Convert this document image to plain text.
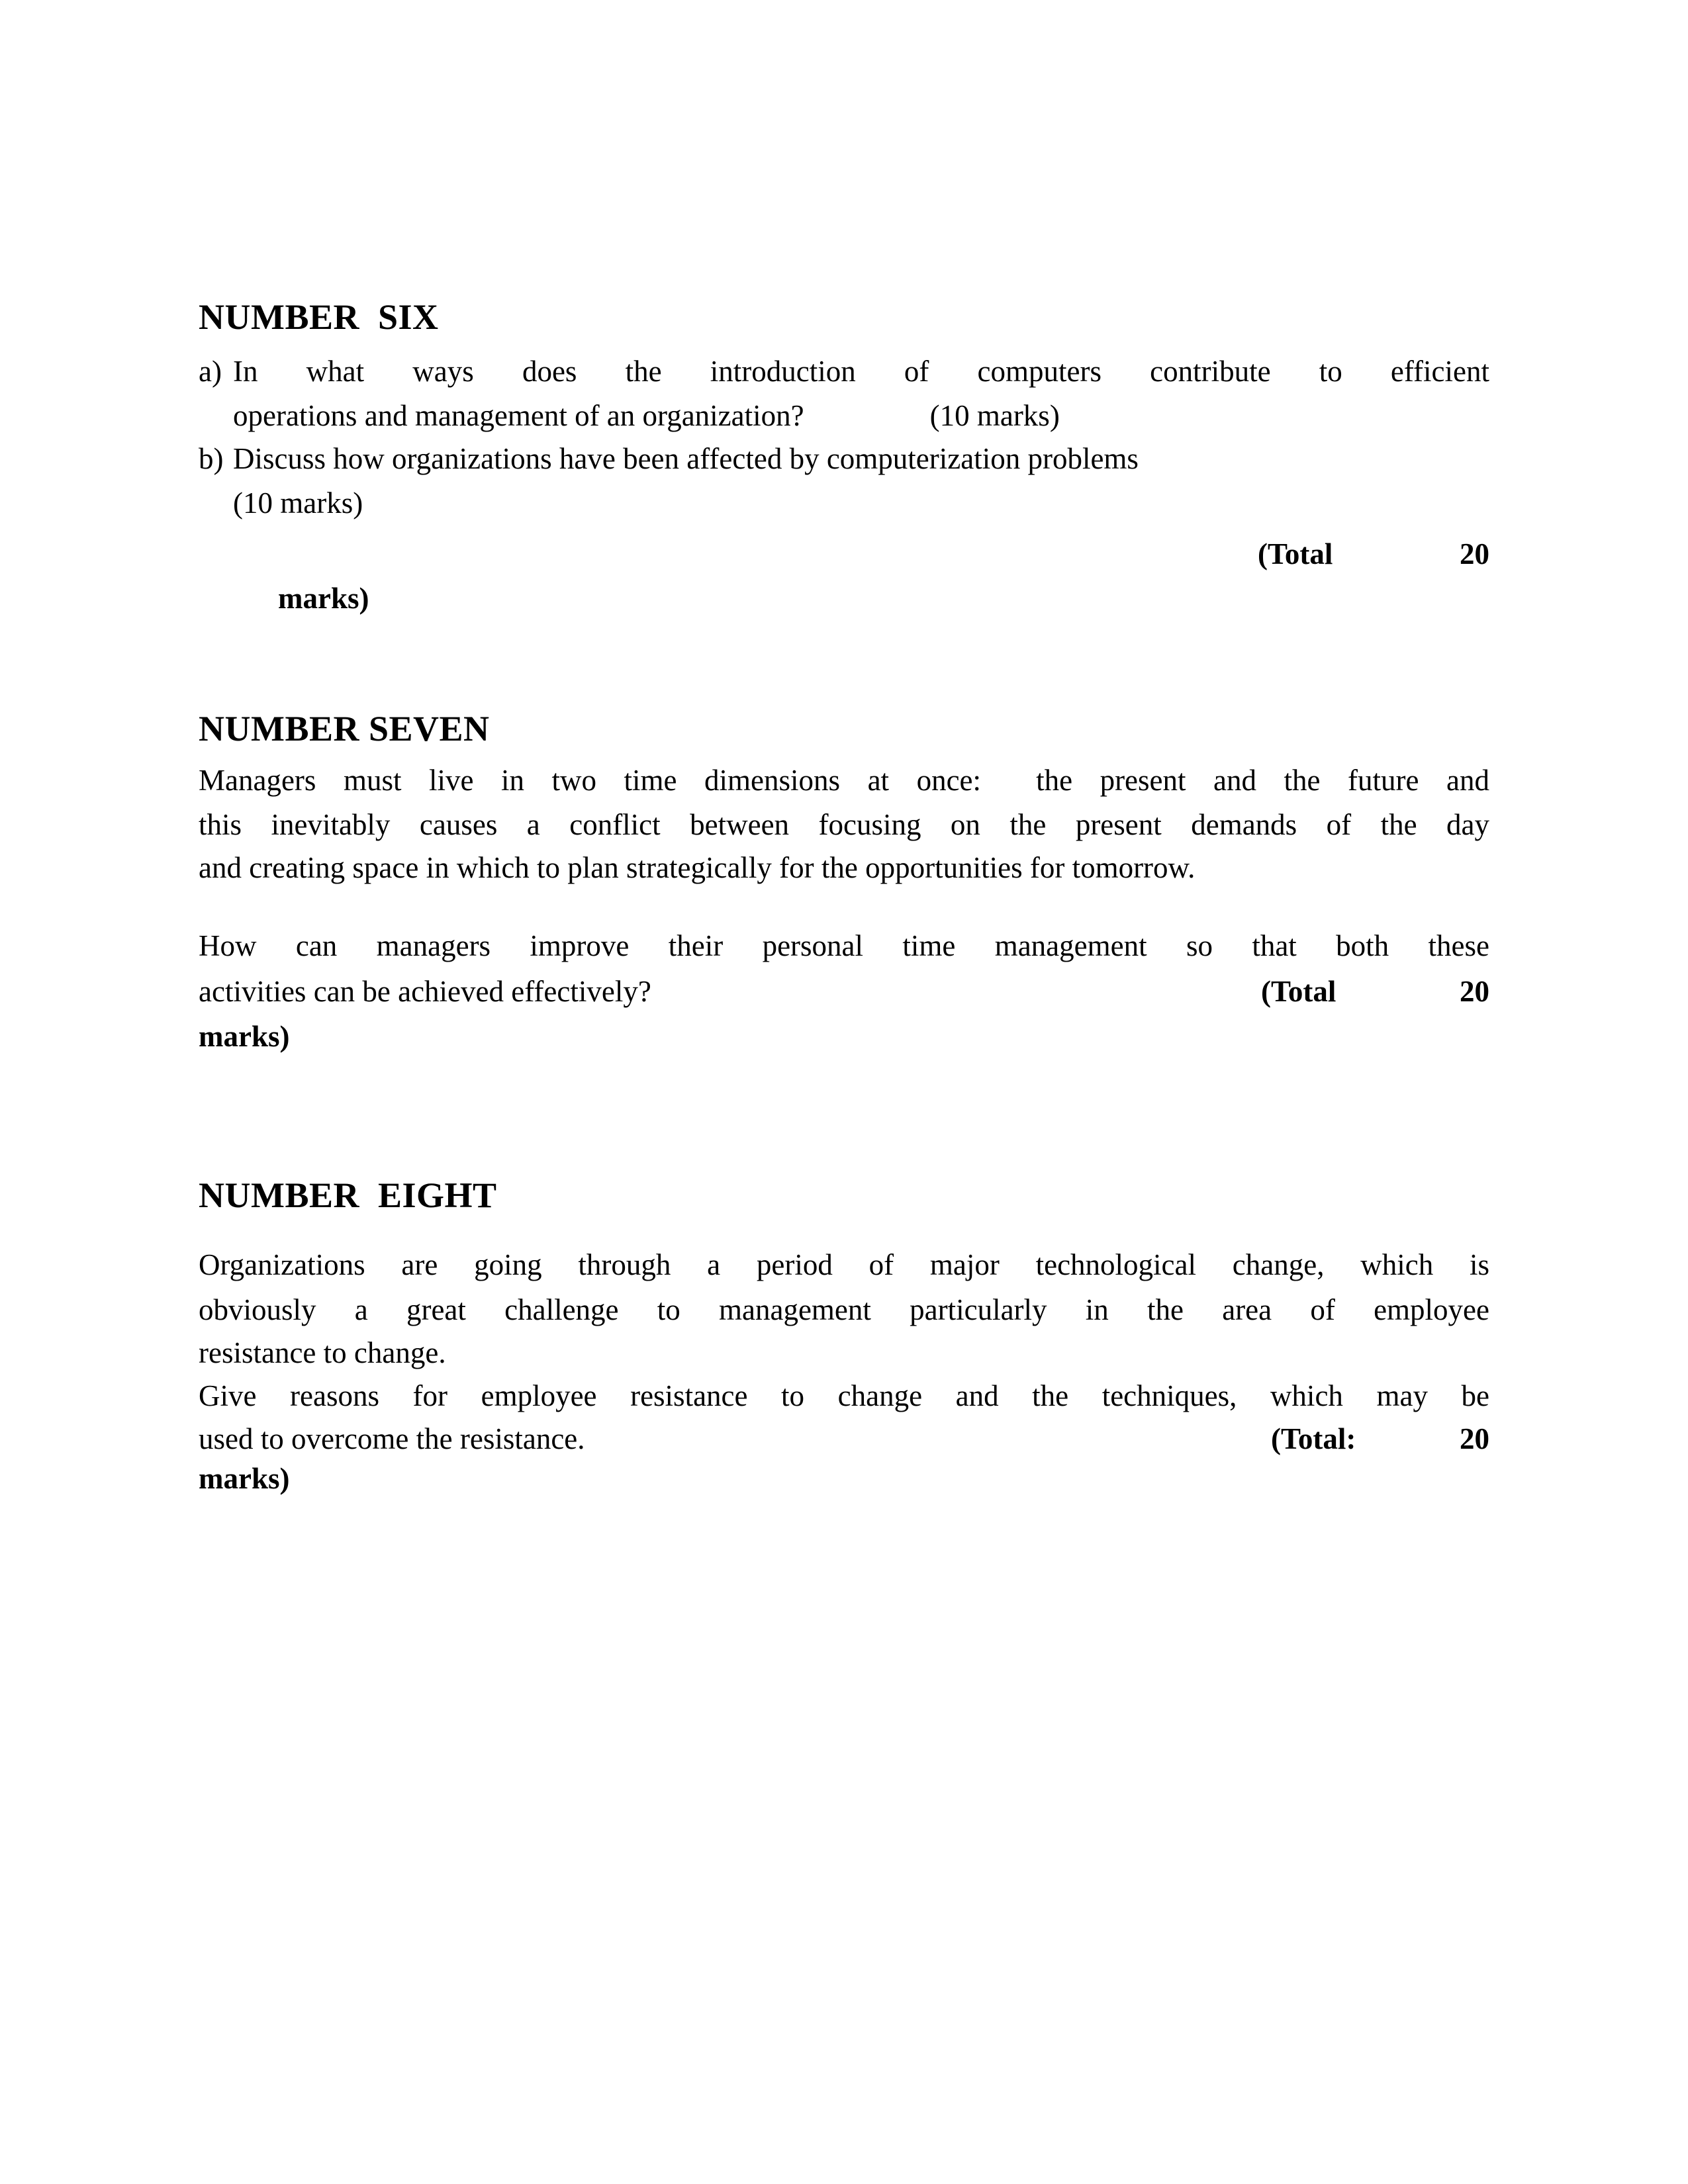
NUMBER  SIX
a) In what ways does the introduction of computers contribute to efficient
operations and management of an organization?	(10 marks)
b) Discuss how organizations have been affected by computerization problems
(10 marks)
(Total	20
marks)
NUMBER SEVEN
Managers must live in two time dimensions at once:  the present and the future and
this inevitably causes a conflict between focusing on the present demands of the day
and creating space in which to plan strategically for the opportunities for tomorrow.
How can managers improve their personal time management so that both these
activities can be achieved effectively?	(Total	20
marks)
NUMBER  EIGHT
Organizations are going through a period of major technological change, which is
obviously a great challenge to management particularly in the area of employee
resistance to change.
Give reasons for employee resistance to change and the techniques, which may be
used to overcome the resistance.	(Total:	20
marks)
